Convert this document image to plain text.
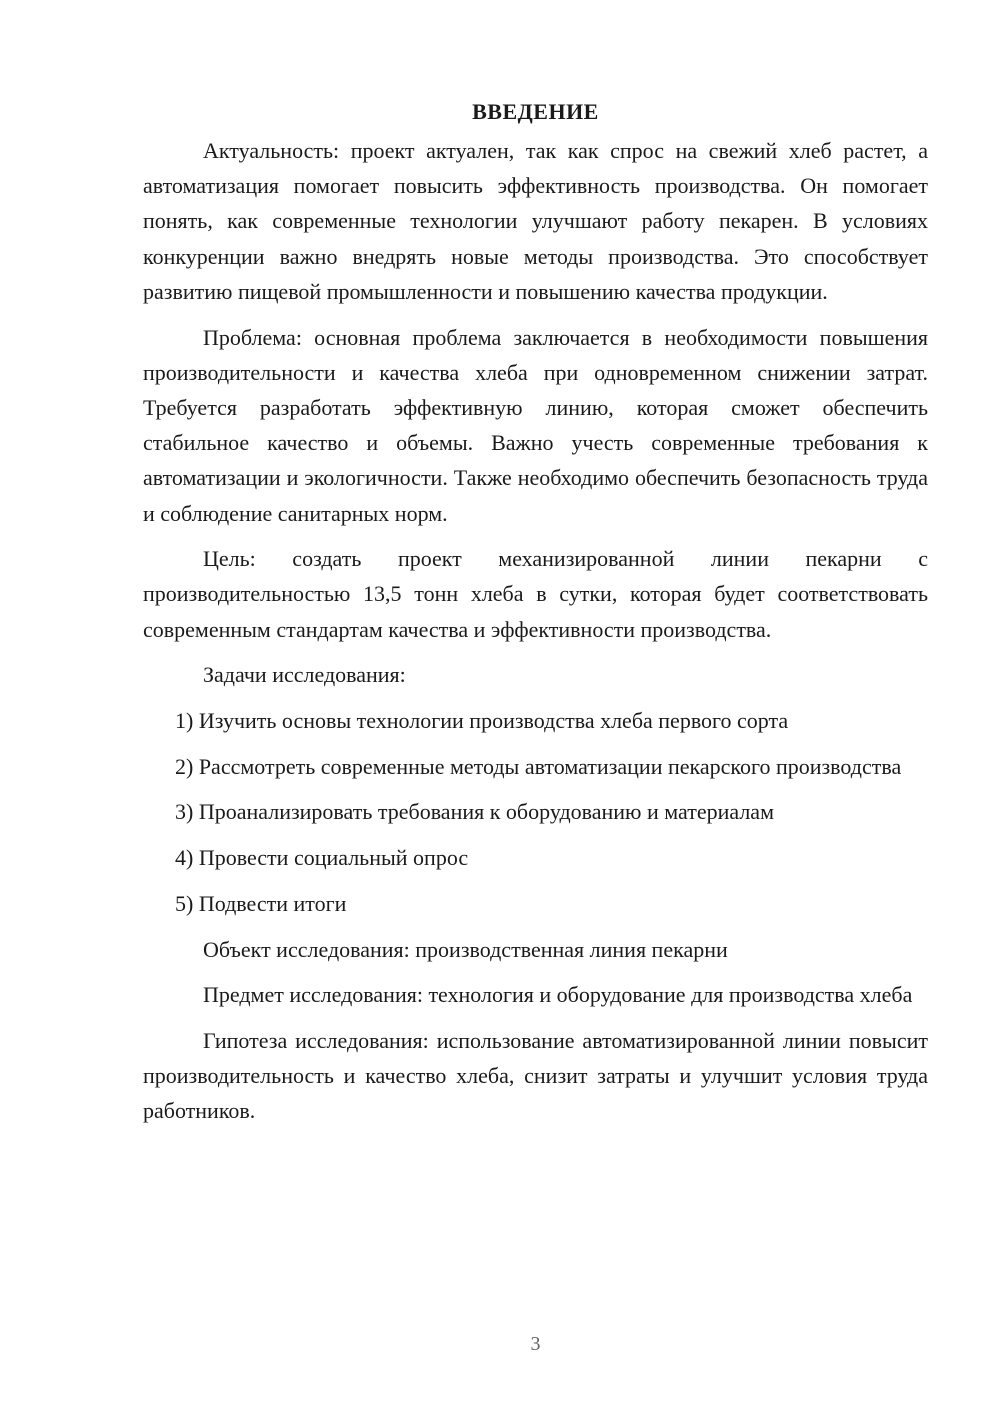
ВВЕДЕНИЕ

Актуальность: проект актуален, так как спрос на свежий хлеб растет, а автоматизация помогает повысить эффективность производства. Он помогает понять, как современные технологии улучшают работу пекарен. В условиях конкуренции важно внедрять новые методы производства. Это способствует развитию пищевой промышленности и повышению качества продукции.

Проблема: основная проблема заключается в необходимости повышения производительности и качества хлеба при одновременном снижении затрат. Требуется разработать эффективную линию, которая сможет обеспечить стабильное качество и объемы. Важно учесть современные требования к автоматизации и экологичности. Также необходимо обеспечить безопасность труда и соблюдение санитарных норм.

Цель: создать проект механизированной линии пекарни с производительностью 13,5 тонн хлеба в сутки, которая будет соответствовать современным стандартам качества и эффективности производства.

Задачи исследования:

1) Изучить основы технологии производства хлеба первого сорта

2) Рассмотреть современные методы автоматизации пекарского производства

3) Проанализировать требования к оборудованию и материалам

4) Провести социальный опрос

5) Подвести итоги

Объект исследования: производственная линия пекарни

Предмет исследования: технология и оборудование для производства хлеба

Гипотеза исследования: использование автоматизированной линии повысит производительность и качество хлеба, снизит затраты и улучшит условия труда работников.

3
